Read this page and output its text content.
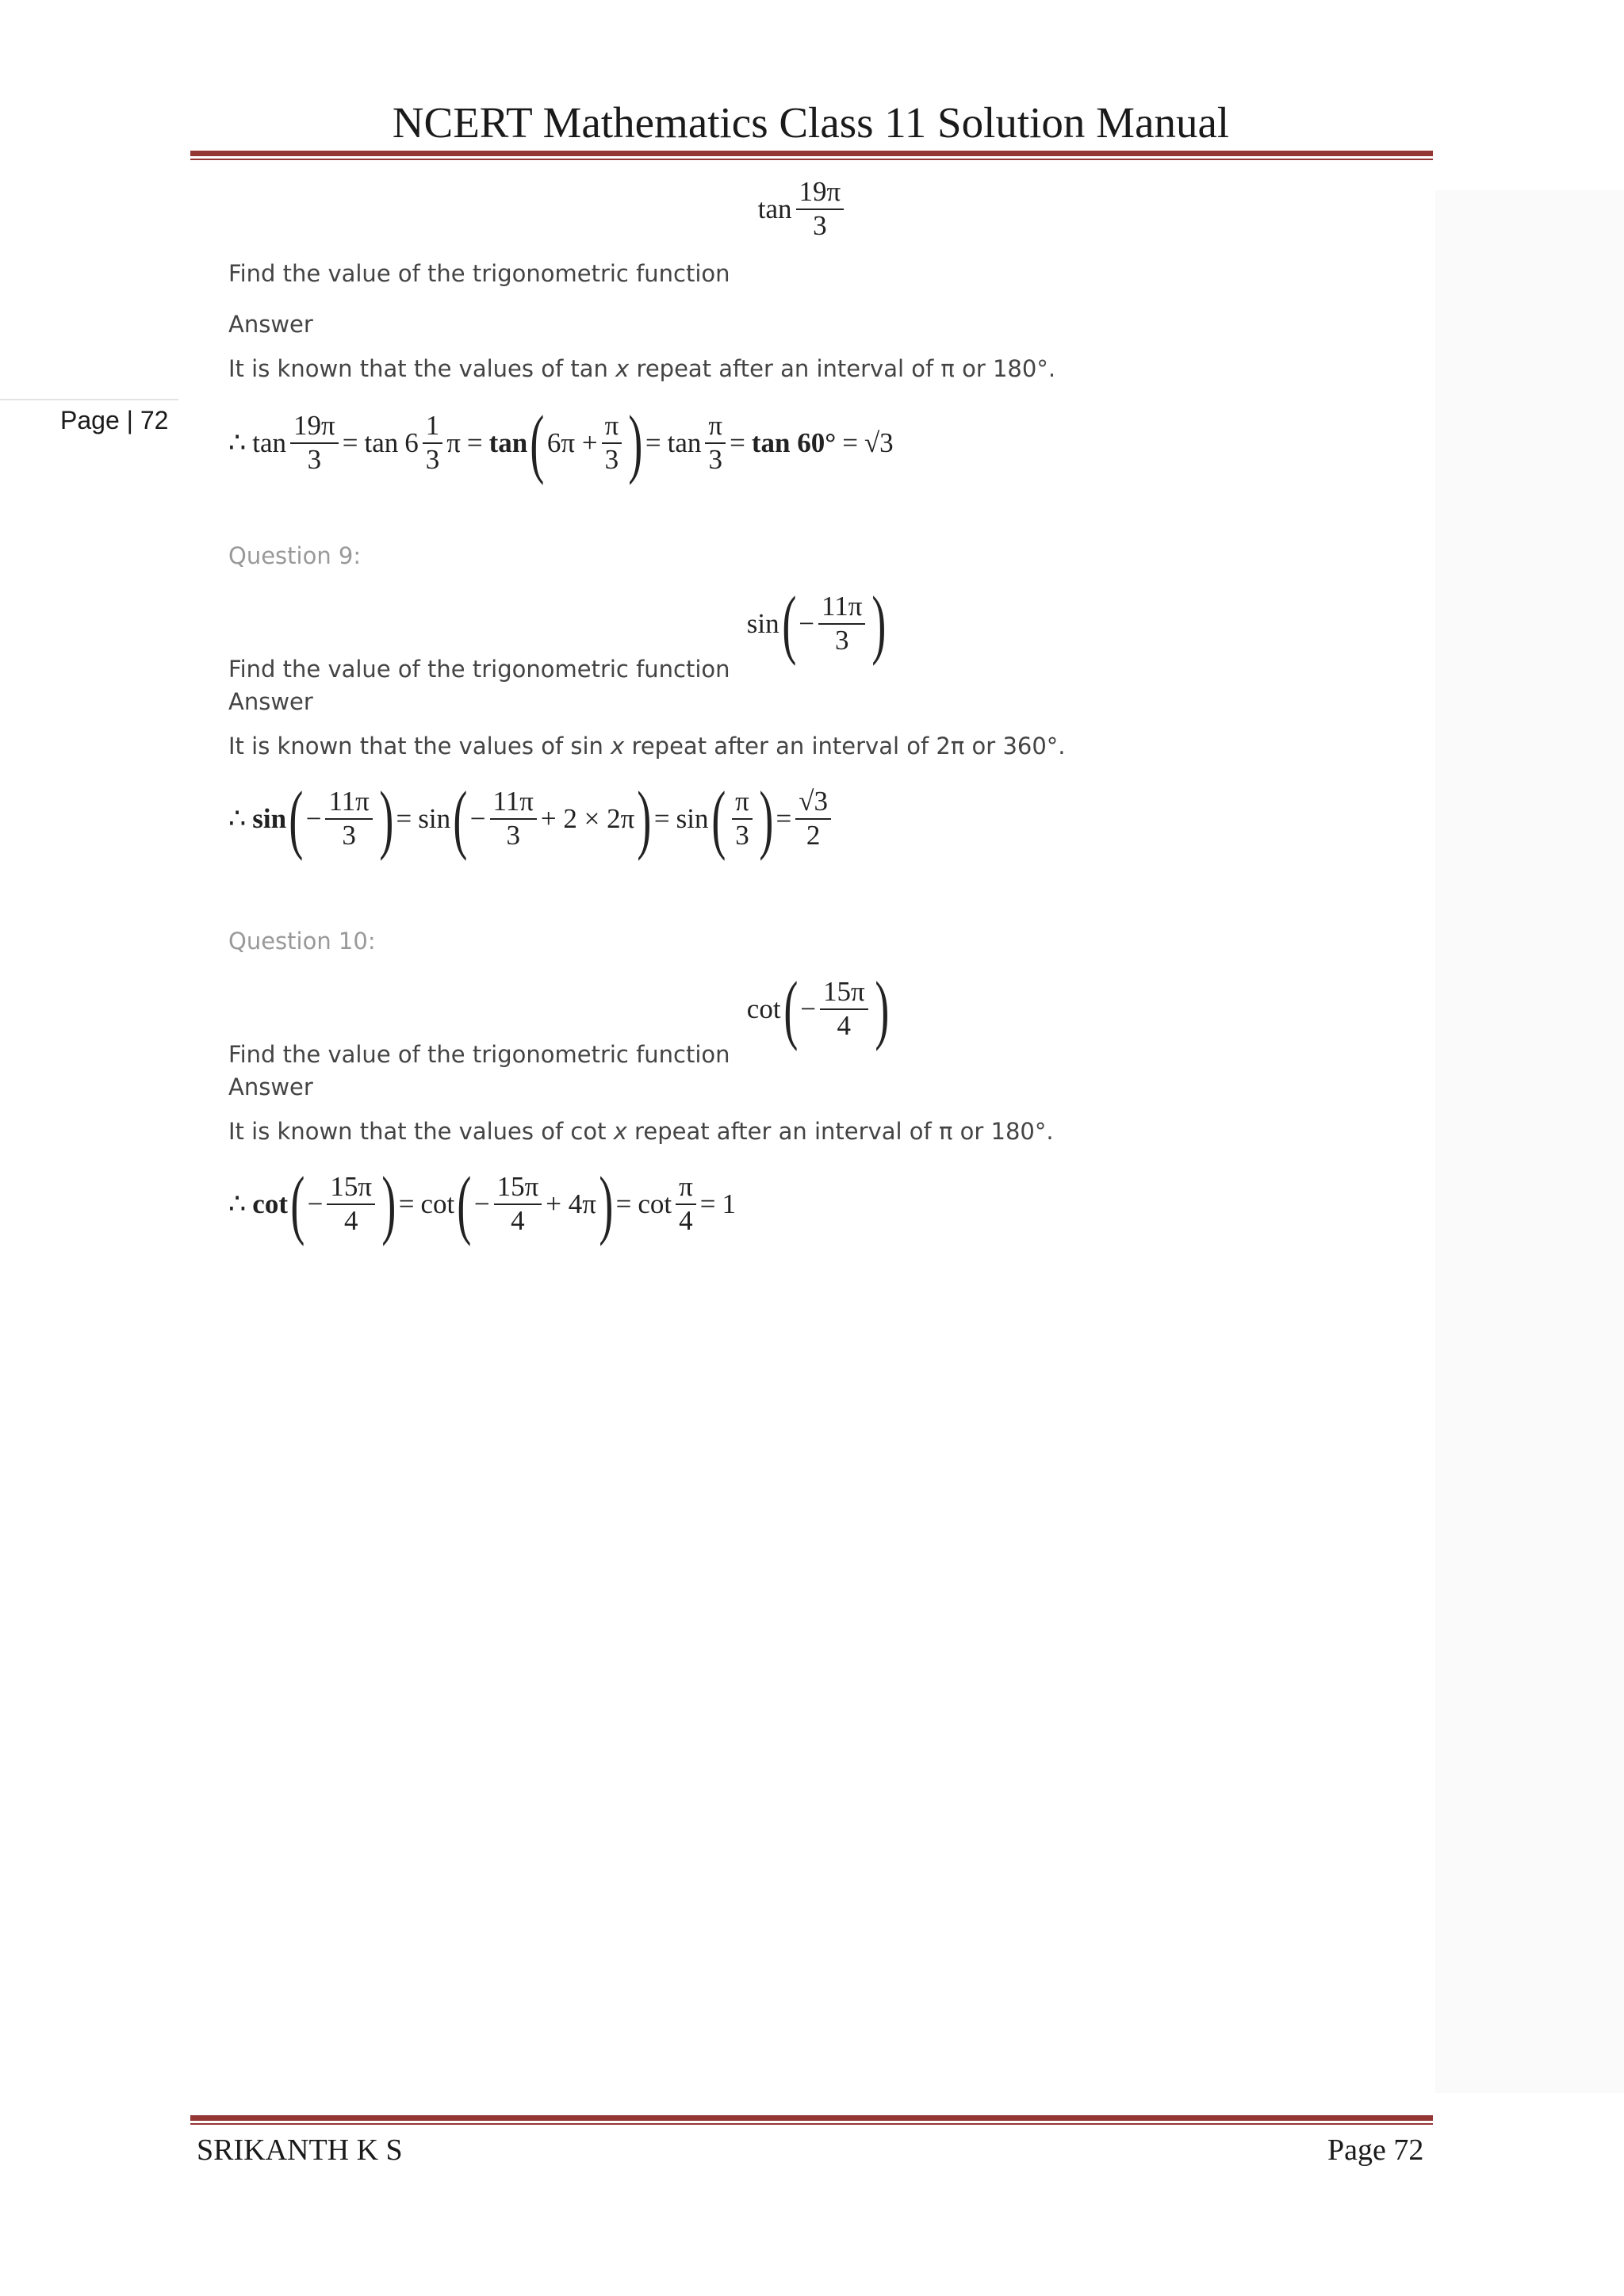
NCERT Mathematics Class 11 Solution Manual
Page | 72
Find the value of the trigonometric function
$\tan \frac{19\pi}{3}$
Answer
It is known that the values of tan x repeat after an interval of π or 180°.
∴ $\tan \frac{19\pi}{3} = \tan 6 \frac{1}{3}$ π = tan ( $6\pi + \frac{\pi}{3}$ ) = $\tan \frac{\pi}{3} = \tan 60^\circ = √3$
Question 9:
Find the value of the trigonometric function
sin ( − $\frac{11\pi}{3}$ )
Answer
It is known that the values of sin x repeat after an interval of 2π or 360°.
∴ sin ( − $\frac{11\pi}{3}$ ) = sin ( − $\frac{11\pi}{3} + 2 \times 2\pi$ ) = sin ( $\frac{\pi}{3}$ ) = $\frac{√3}{2}$
Question 10:
Find the value of the trigonometric function
cot ( − $\frac{15\pi}{4}$ )
Answer
It is known that the values of cot x repeat after an interval of π or 180°.
∴ cot ( − $\frac{15\pi}{4}$ ) = cot ( − $\frac{15\pi}{4} + 4\pi$ ) = $\cot \frac{\pi}{4} = 1$
SRIKANTH K S	Page 72
